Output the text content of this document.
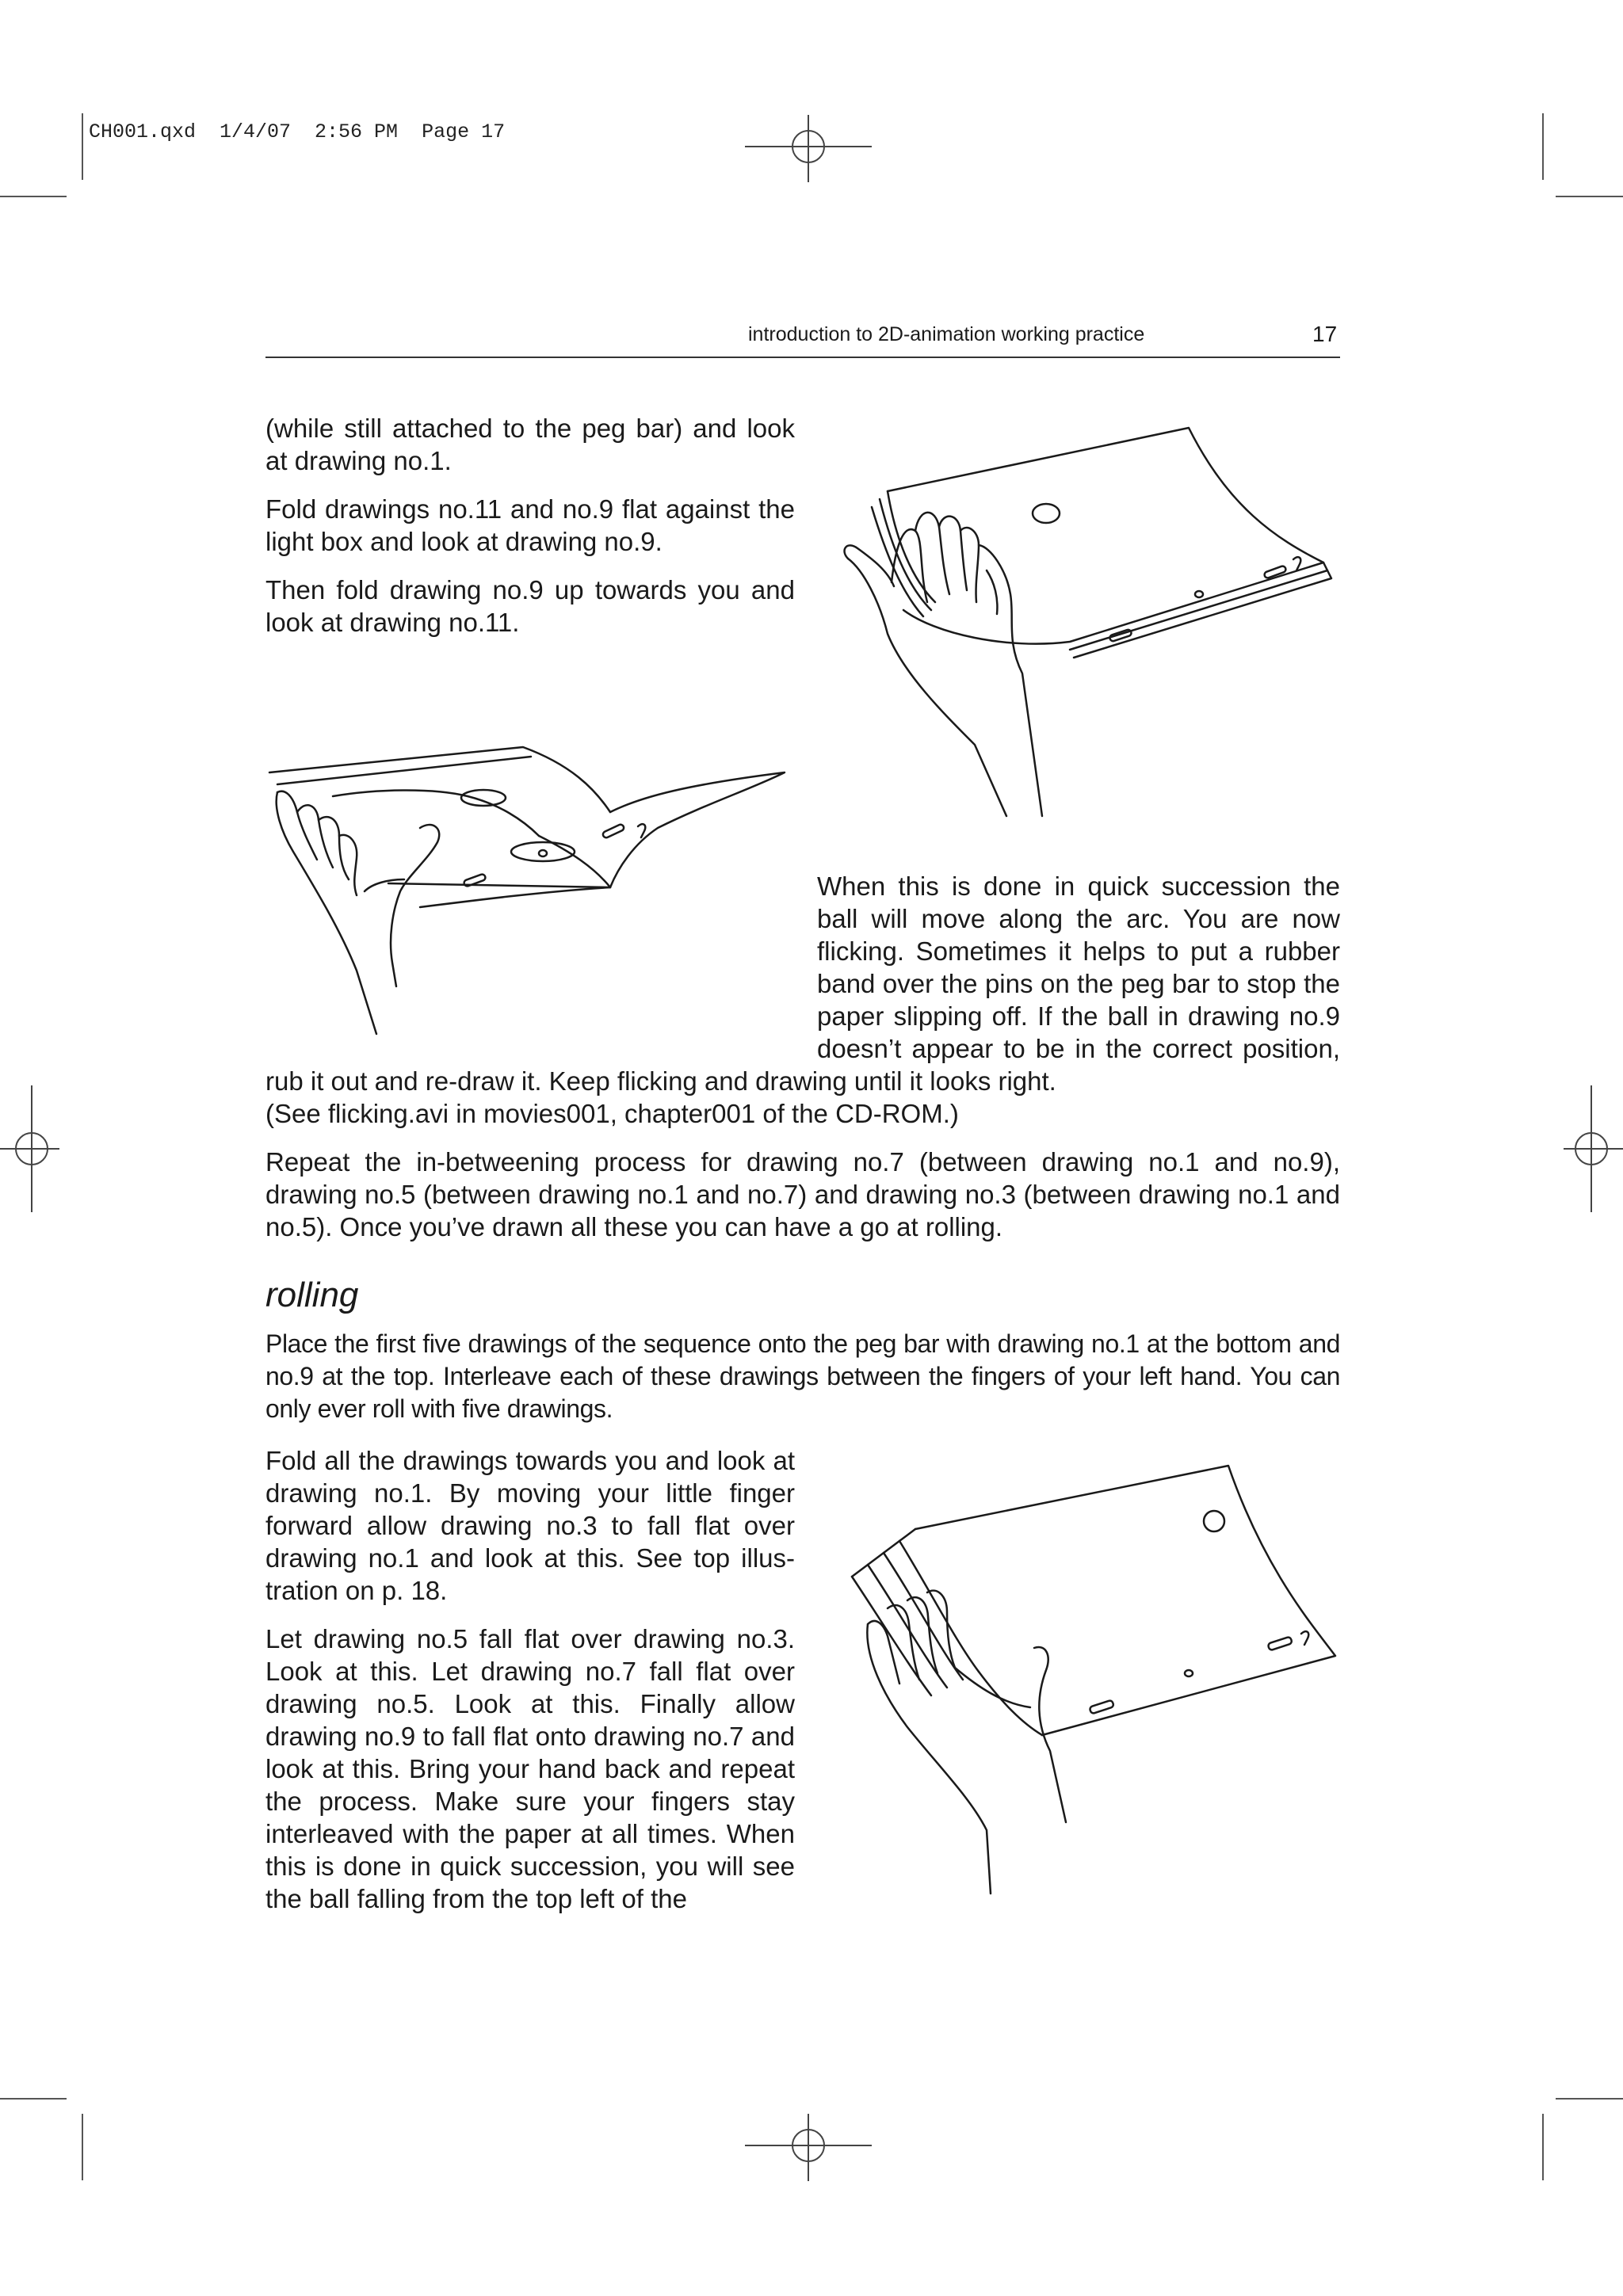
CH001.qxd  1/4/07  2:56 PM  Page 17
introduction to 2D-animation working practice	17

(while still attached to the peg bar) and look at drawing no.1.

Fold drawings no.11 and no.9 flat against the light box and look at drawing no.9.

Then fold drawing no.9 up towards you and look at drawing no.11.

When this is done in quick succession the

ball will move along the arc. You are now

flicking. Sometimes it helps to put a rubber

band over the pins on the peg bar to stop the

paper slipping off. If the ball in drawing no.9

doesn’t appear to be in the correct position,

rub it out and re-draw it. Keep flicking and drawing until it looks right.

(See flicking.avi in movies001, chapter001 of the CD-ROM.)

Repeat the in-betweening process for drawing no.7 (between drawing no.1 and no.9), drawing no.5 (between drawing no.1 and no.7) and drawing no.3 (between drawing no.1 and no.5). Once you’ve drawn all these you can have a go at rolling.

rolling

Place the first five drawings of the sequence onto the peg bar with drawing no.1 at the bottom and no.9 at the top. Interleave each of these drawings between the fingers of your left hand. You can only ever roll with five drawings.

Fold all the drawings towards you and look at drawing no.1. By moving your little finger forward allow drawing no.3 to fall flat over drawing no.1 and look at this. See top illustration on p. 18.

Let drawing no.5 fall flat over drawing no.3. Look at this. Let drawing no.7 fall flat over drawing no.5. Look at this. Finally allow drawing no.9 to fall flat onto drawing no.7 and look at this. Bring your hand back and repeat the process. Make sure your fingers stay interleaved with the paper at all times. When this is done in quick succession, you will see the ball falling from the top left of the
